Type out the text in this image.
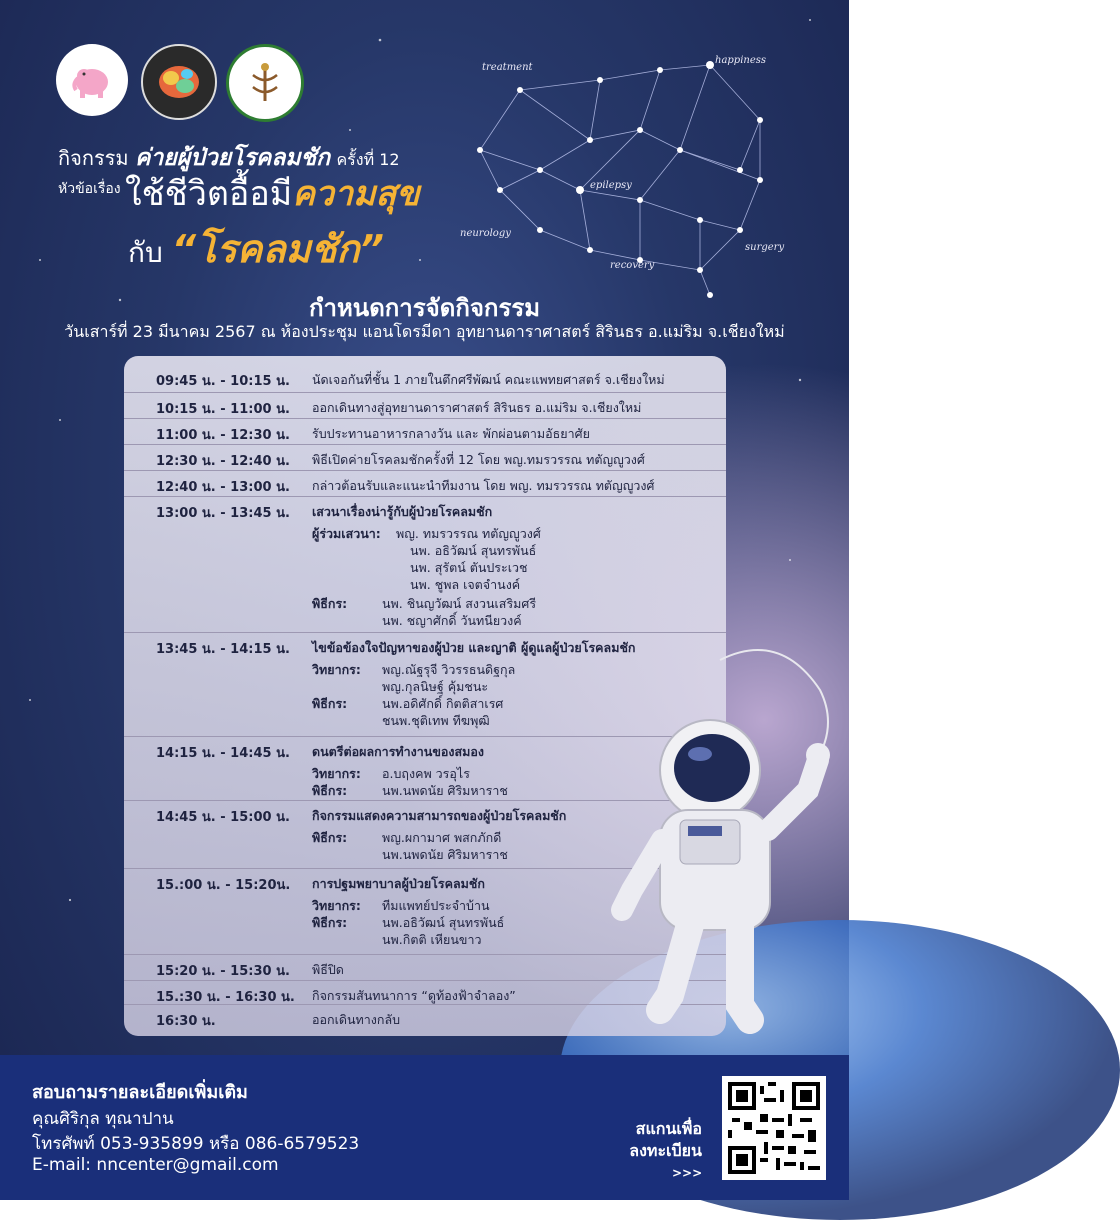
treatment
happiness
epilepsy
neurology
surgery
recovery
กิจกรรม ค่ายผู้ป่วยโรคลมชัก ครั้งที่ 12
หัวข้อเรื่อง ใช้ชีวิตอื้อมีความสุข
กับ “โรคลมชัก”
กำหนดการจัดกิจกรรม
วันเสาร์ที่ 23 มีนาคม 2567 ณ ห้องประชุม แอนโดรมีดา อุทยานดาราศาสตร์ สิรินธร อ.แม่ริม จ.เชียงใหม่
09:45 น. - 10:15 น. นัดเจอกันที่ชั้น 1 ภายในตึกศรีพัฒน์ คณะแพทยศาสตร์ จ.เชียงใหม่
10:15 น. - 11:00 น. ออกเดินทางสู่อุทยานดาราศาสตร์ สิรินธร อ.แม่ริม จ.เชียงใหม่
11:00 น. - 12:30 น. รับประทานอาหารกลางวัน และ พักผ่อนตามอัธยาศัย
12:30 น. - 12:40 น. พิธีเปิดค่ายโรคลมชักครั้งที่ 12 โดย พญ.ทมรวรรณ ทตัญญูวงศ์
12:40 น. - 13:00 น. กล่าวต้อนรับและแนะนำทีมงาน โดย พญ. ทมรวรรณ ทตัญญูวงศ์
13:00 น. - 13:45 น. เสวนาเรื่องน่ารู้กับผู้ป่วยโรคลมชัก
ผู้ร่วมเสวนา: พญ. ทมรวรรณ ทตัญญูวงศ์
นพ. อธิวัฒน์ สุนทรพันธ์
นพ. สุรัตน์ ตันประเวช
นพ. ชูพล เจตจำนงค์
พิธีกร:	นพ. ชินญวัฒน์ สงวนเสริมศรี
นพ. ชญาศักดิ์ วันทนียวงค์
13:45 น. - 14:15 น. ไขข้อข้องใจปัญหาของผู้ป่วย และญาติ ผู้ดูแลผู้ป่วยโรคลมชัก
วิทยากร: พญ.ณัฐรุจี วิวรรธนดิฐกุล
พญ.กุลนิษฐ์ คุ้มชนะ
พิธีกร:	นพ.อดิศักดิ์ กิตติสาเรศ
ชนพ.ชุติเทพ ทีฆพุฒิ
14:15 น. - 14:45 น. ดนตรีต่อผลการทำงานของสมอง
วิทยากร: อ.บฤงคพ วรอุไร
พิธีกร:	นพ.นพดนัย ศิริมหาราช
14:45 น. - 15:00 น. กิจกรรมแสดงความสามารถของผู้ป่วยโรคลมชัก
พิธีกร:	พญ.ผกามาศ พสกภักดี
นพ.นพดนัย ศิริมหาราช
15.:00 น. - 15:20น. การปฐมพยาบาลผู้ป่วยโรคลมชัก
วิทยากร: ทีมแพทย์ประจำบ้าน
พิธีกร:	นพ.อธิวัฒน์ สุนทรพันธ์
นพ.กิตติ เหียนขาว
15:20 น. - 15:30 น. พิธีปิด
15.:30 น. - 16:30 น. กิจกรรมสันทนาการ “ดูท้องฟ้าจำลอง”
16:30 น.	ออกเดินทางกลับ
สอบถามรายละเอียดเพิ่มเติม
คุณศิริกุล ทุณาปาน
โทรศัพท์ 053-935899 หรือ 086-6579523
E-mail: nncenter@gmail.com
สแกนเพื่อ
ลงทะเบียน
>>>
